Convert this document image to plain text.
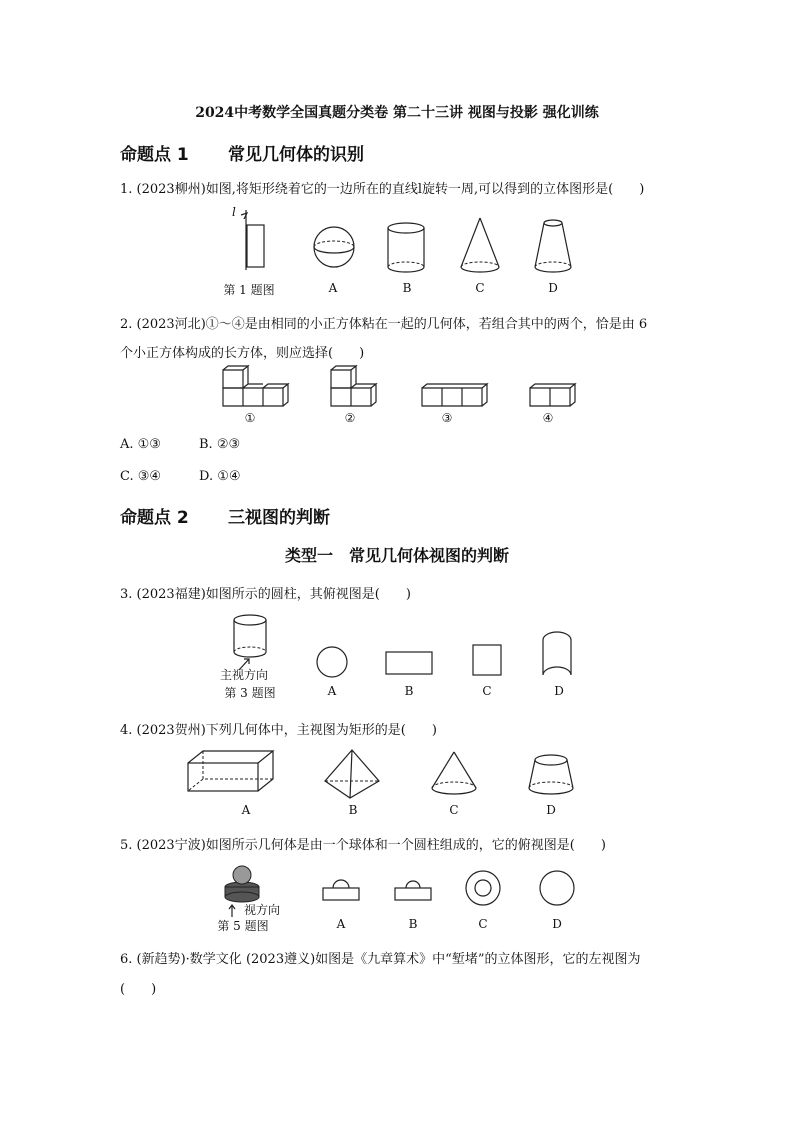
2024中考数学全国真题分类卷 第二十三讲 视图与投影 强化训练
命题点 1 常见几何体的识别
1. (2023柳州)如图,将矩形绕着它的一边所在的直线l旋转一周,可以得到的立体图形是(　　)
第 1 题图
l
A	B	C	D
2. (2023河北)①～④是由相同的小正方体粘在一起的几何体，若组合其中的两个，恰是由 6
个小正方体构成的长方体，则应选择(　　)
①	②	③	④
A. ①③	B. ②③
C. ③④	D. ①④
命题点 2 三视图的判断
类型一　常见几何体视图的判断
3. (2023福建)如图所示的圆柱，其俯视图是(　　)
主视方向
第 3 题图	A	B	C	D
4. (2023贺州)下列几何体中，主视图为矩形的是(　　)
A	B	C	D
5. (2023宁波)如图所示几何体是由一个球体和一个圆柱组成的，它的俯视图是(　　)
视方向
第 5 题图	A	B	C	D
6. (新趋势)·数学文化 (2023遵义)如图是《九章算术》中“堑堵”的立体图形，它的左视图为
(　　)
